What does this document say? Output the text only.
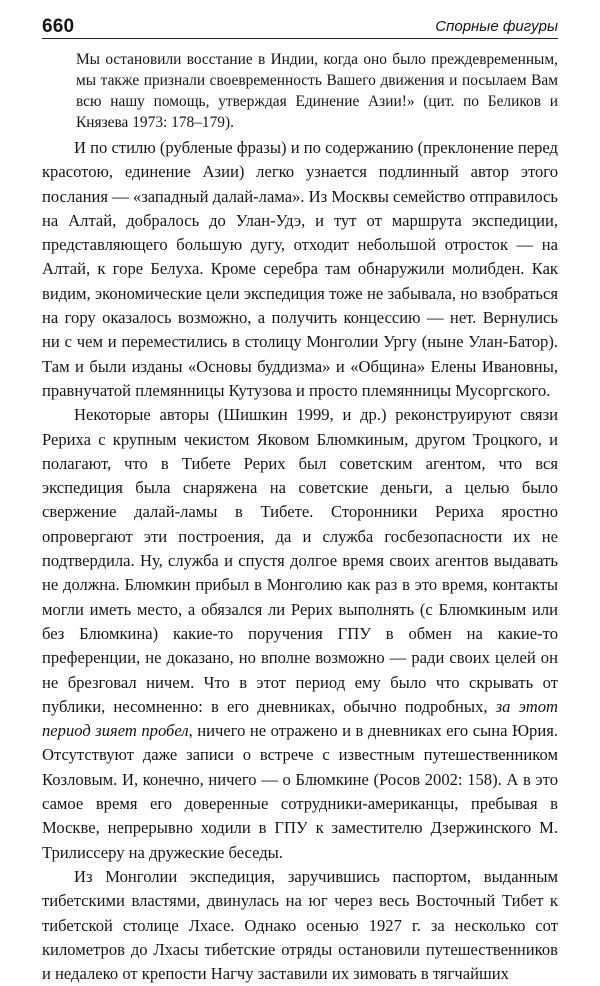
660	Спорные фигуры

Мы остановили восстание в Индии, когда оно было преждевременным, мы также признали своевременность Вашего движения и посылаем Вам всю нашу помощь, утверждая Единение Азии!» (цит. по Беликов и Князева 1973: 178–179).

И по стилю (рубленые фразы) и по содержанию (преклонение перед красотою, единение Азии) легко узнается подлинный автор этого послания — «западный далай-лама». Из Москвы семейство отправилось на Алтай, добралось до Улан-Удэ, и тут от маршрута экспедиции, представляющего большую дугу, отходит небольшой отросток — на Алтай, к горе Белуха. Кроме серебра там обнаружили молибден. Как видим, экономические цели экспедиция тоже не забывала, но взобраться на гору оказалось возможно, а получить концессию — нет. Вернулись ни с чем и переместились в столицу Монголии Ургу (ныне Улан-Батор). Там и были изданы «Основы буддизма» и «Община» Елены Ивановны, правнучатой племянницы Кутузова и просто племянницы Мусоргского.

Некоторые авторы (Шишкин 1999, и др.) реконструируют связи Рериха с крупным чекистом Яковом Блюмкиным, другом Троцкого, и полагают, что в Тибете Рерих был советским агентом, что вся экспедиция была снаряжена на советские деньги, а целью было свержение далай-ламы в Тибете. Сторонники Рериха яростно опровергают эти построения, да и служба госбезопасности их не подтвердила. Ну, служба и спустя долгое время своих агентов выдавать не должна. Блюмкин прибыл в Монголию как раз в это время, контакты могли иметь место, а обязался ли Рерих выполнять (с Блюмкиным или без Блюмкина) какие-то поручения ГПУ в обмен на какие-то преференции, не доказано, но вполне возможно — ради своих целей он не брезговал ничем. Что в этот период ему было что скрывать от публики, несомненно: в его дневниках, обычно подробных, за этот период зияет пробел, ничего не отражено и в дневниках его сына Юрия. Отсутствуют даже записи о встрече с известным путешественником Козловым. И, конечно, ничего — о Блюмкине (Росов 2002: 158). А в это самое время его доверенные сотрудники-американцы, пребывая в Москве, непрерывно ходили в ГПУ к заместителю Дзержинского М. Трилиссеру на дружеские беседы.

Из Монголии экспедиция, заручившись паспортом, выданным тибетскими властями, двинулась на юг через весь Восточный Тибет к тибетской столице Лхасе. Однако осенью 1927 г. за несколько сот километров до Лхасы тибетские отряды остановили путешественников и недалеко от крепости Нагчу заставили их зимовать в тягчайших
